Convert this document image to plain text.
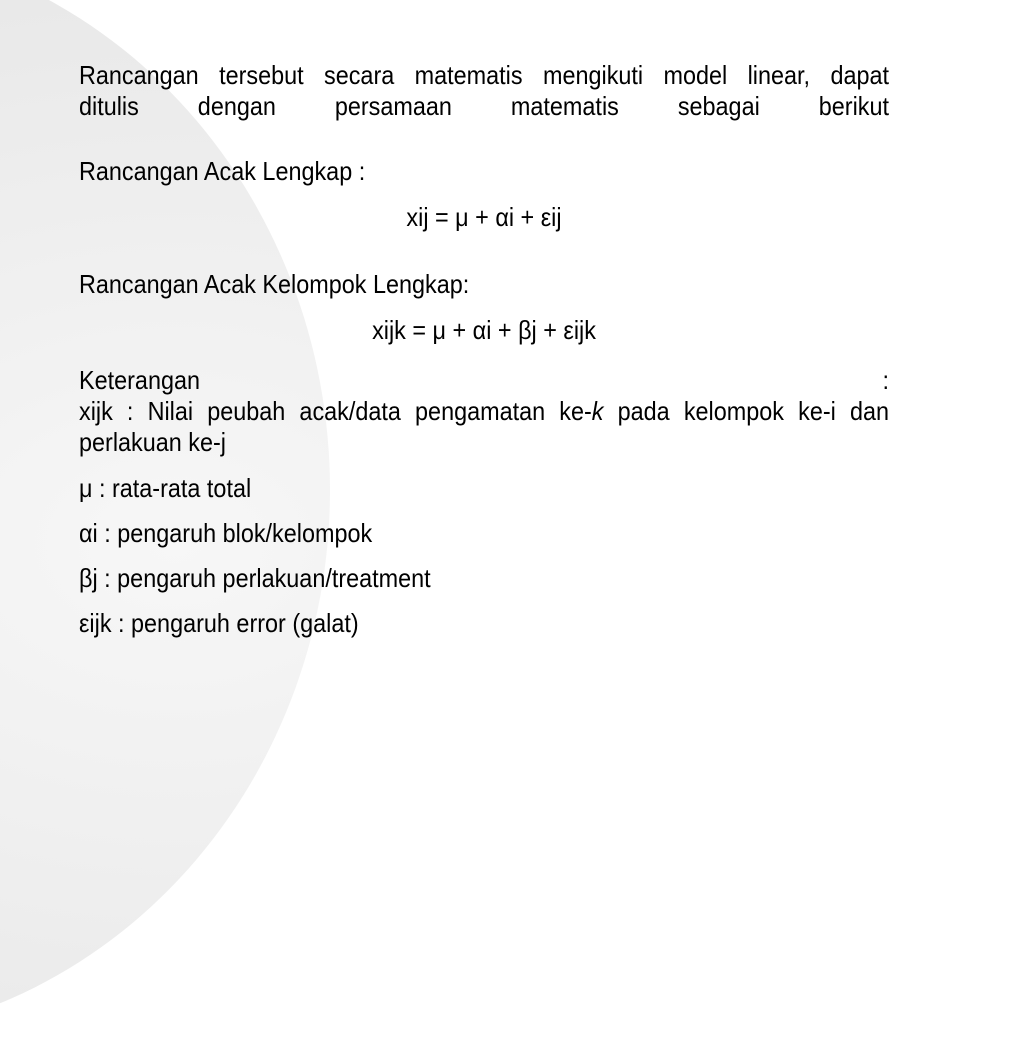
Rancangan tersebut secara matematis mengikuti model linear, dapat
ditulis dengan persamaan matematis sebagai berikut

Rancangan Acak Lengkap :

xij = μ + αi + εij

Rancangan Acak Kelompok Lengkap:

xijk = μ + αi + βj + εijk

Keterangan	:

xijk : Nilai peubah acak/data pengamatan ke-k pada kelompok ke-i dan perlakuan ke-j

μ : rata-rata total

αi : pengaruh blok/kelompok

βj : pengaruh perlakuan/treatment

εijk : pengaruh error (galat)
